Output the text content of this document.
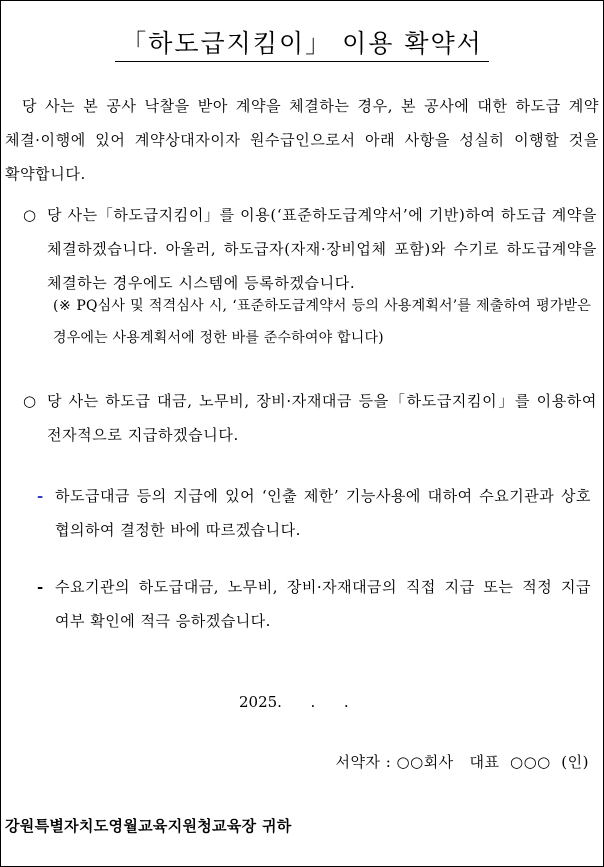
「하도급지킴이」 이용 확약서
당 사는 본 공사 낙찰을 받아 계약을 체결하는 경우, 본 공사에 대한 하도급 계약 체결·이행에 있어 계약상대자이자 원수급인으로서 아래 사항을 성실히 이행할 것을 확약합니다.
○ 당 사는「하도급지킴이」를 이용(‘표준하도급계약서’에 기반)하여 하도급 계약을 체결하겠습니다. 아울러, 하도급자(자재·장비업체 포함)와 수기로 하도급계약을 체결하는 경우에도 시스템에 등록하겠습니다.
(※ PQ심사 및 적격심사 시, ‘표준하도급계약서 등의 사용계획서’를 제출하여 평가받은 경우에는 사용계획서에 정한 바를 준수하여야 합니다)
○ 당 사는 하도급 대금, 노무비, 장비·자재대금 등을「하도급지킴이」를 이용하여 전자적으로 지급하겠습니다.
- 하도급대금 등의 지급에 있어 ‘인출 제한’ 기능사용에 대하여 수요기관과 상호 협의하여 결정한 바에 따르겠습니다.
- 수요기관의 하도급대금, 노무비, 장비·자재대금의 직접 지급 또는 적정 지급 여부 확인에 적극 응하겠습니다.
2025.      .      .
서약자 : ○○회사   대표  ○○○  (인)
강원특별자치도영월교육지원청교육장 귀하
